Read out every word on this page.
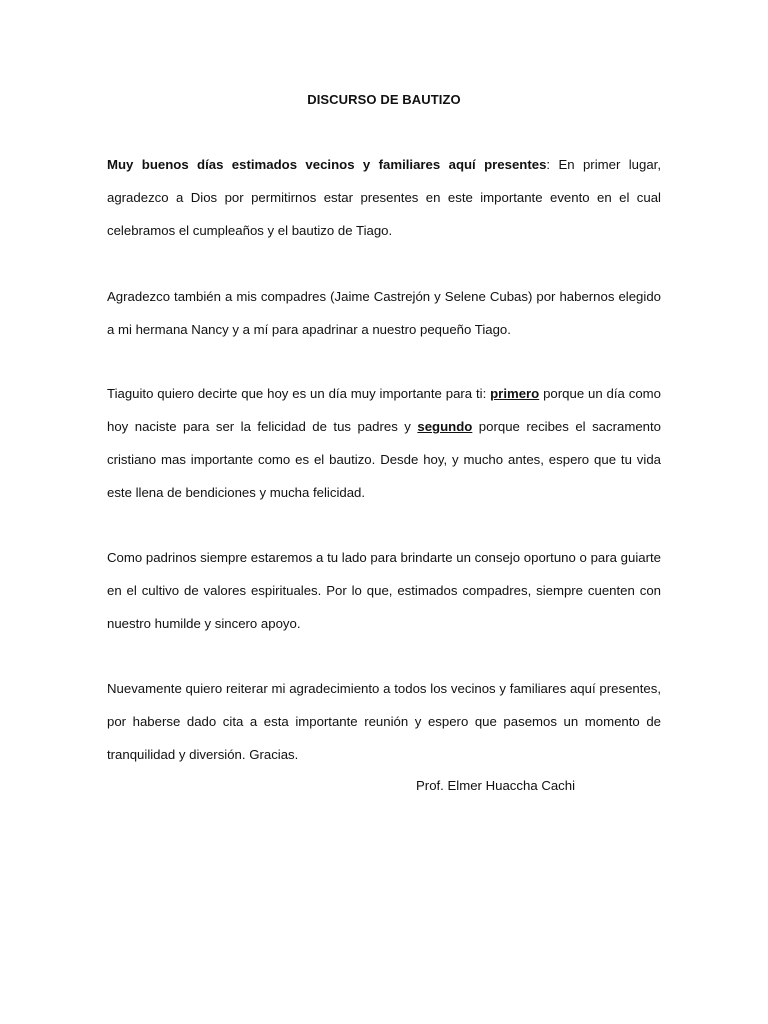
DISCURSO DE BAUTIZO

Muy buenos días estimados vecinos y familiares aquí presentes: En primer lugar, agradezco a Dios por permitirnos estar presentes en este importante evento en el cual celebramos el cumpleaños y el bautizo de Tiago.

Agradezco también a mis compadres (Jaime Castrejón y Selene Cubas) por habernos elegido a mi hermana Nancy y a mí para apadrinar a nuestro pequeño Tiago.

Tiaguito quiero decirte que hoy es un día muy importante para ti: primero porque un día como hoy naciste para ser la felicidad de tus padres y segundo porque recibes el sacramento cristiano mas importante como es el bautizo. Desde hoy, y mucho antes, espero que tu vida este llena de bendiciones y mucha felicidad.

Como padrinos siempre estaremos a tu lado para brindarte un consejo oportuno o para guiarte en el cultivo de valores espirituales. Por lo que, estimados compadres, siempre cuenten con nuestro humilde y sincero apoyo.

Nuevamente quiero reiterar mi agradecimiento a todos los vecinos y familiares aquí presentes, por haberse dado cita a esta importante reunión y espero que pasemos un momento de tranquilidad y diversión. Gracias.

Prof. Elmer Huaccha Cachi
